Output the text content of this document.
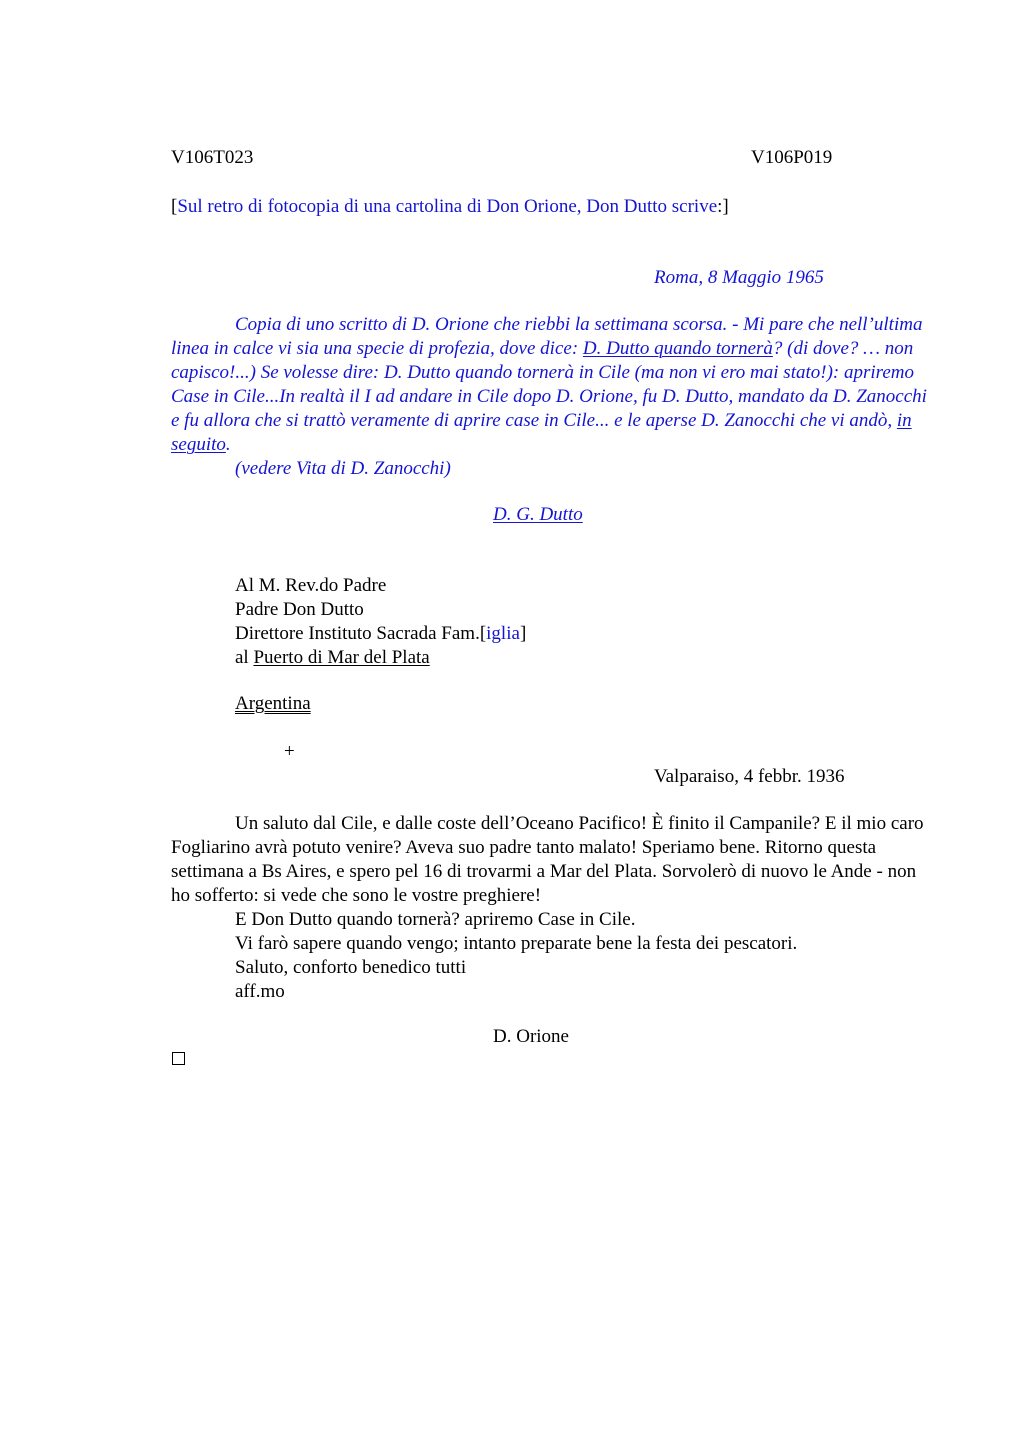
V106T023	V106P019
[Sul retro di fotocopia di una cartolina di Don Orione, Don Dutto scrive:]
Roma, 8 Maggio 1965

Copia di uno scritto di D. Orione che riebbi la settimana scorsa. - Mi pare che nell’ultima linea in calce vi sia una specie di profezia, dove dice: D. Dutto quando tornerà? (di dove? … non capisco!...) Se volesse dire: D. Dutto quando tornerà in Cile (ma non vi ero mai stato!): apriremo Case in Cile...In realtà il I ad andare in Cile dopo D. Orione, fu D. Dutto, mandato da D. Zanocchi e fu allora che si trattò veramente di aprire case in Cile... e le aperse D. Zanocchi che vi andò, in seguito.

(vedere Vita di D. Zanocchi)

D. G. Dutto
Al M. Rev.do Padre
Padre Don Dutto
Direttore Instituto Sacrada Fam.[iglia]
al Puerto di Mar del Plata
Argentina
+
Valparaiso, 4 febbr. 1936

Un saluto dal Cile, e dalle coste dell’Oceano Pacifico! È finito il Campanile? E il mio caro Fogliarino avrà potuto venire? Aveva suo padre tanto malato! Speriamo bene. Ritorno questa settimana a Bs Aires, e spero pel 16 di trovarmi a Mar del Plata. Sorvolerò di nuovo le Ande - non ho sofferto: si vede che sono le vostre preghiere!

E Don Dutto quando tornerà? apriremo Case in Cile.

Vi farò sapere quando vengo; intanto preparate bene la festa dei pescatori.

Saluto, conforto benedico tutti

aff.mo

D. Orione
